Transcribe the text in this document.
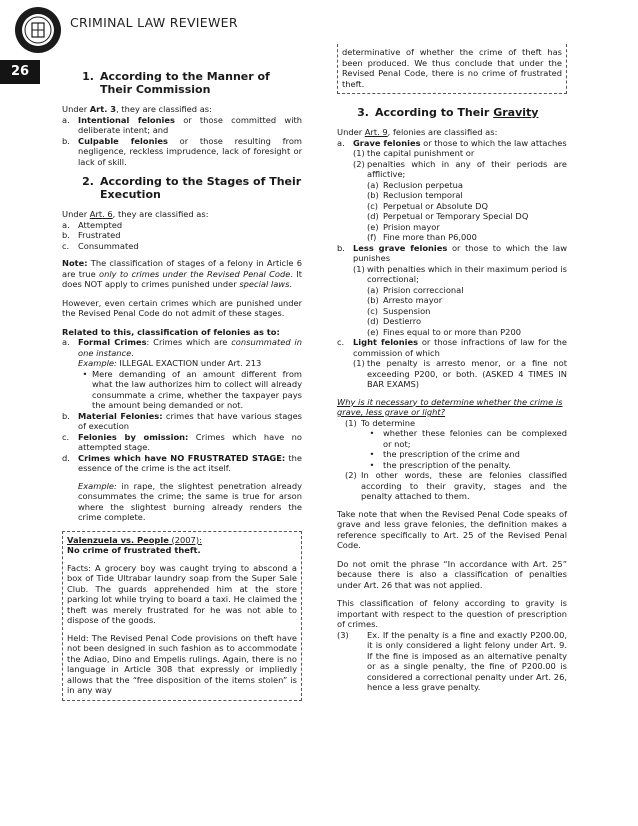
CRIMINAL LAW REVIEWER
26	1. According to the Manner of Their Commission
Under Art. 3, they are classified as:
a. Intentional felonies or those committed with deliberate intent; and
b. Culpable felonies or those resulting from negligence, reckless imprudence, lack of foresight or lack of skill.
2. According to the Stages of Their Execution
Under Art. 6, they are classified as:
a. Attempted
b. Frustrated
c.	Consummated

Note: The classification of stages of a felony in Article 6 are true only to crimes under the Revised Penal Code. It does NOT apply to crimes punished under special laws.

However, even certain crimes which are punished under the Revised Penal Code do not admit of these stages.

Related to this, classification of felonies as to:
a. Formal Crimes: Crimes which are consummated in one instance.
Example: ILLEGAL EXACTION under Art. 213
• Mere demanding of an amount different from what the law authorizes him to collect will already consummate a crime, whether the taxpayer pays the amount being demanded or not.
b. Material Felonies: crimes that have various stages of execution
c.	Felonies by omission: Crimes which have no attempted stage.
d. Crimes which have NO FRUSTRATED STAGE: the essence of the crime is the act itself.

Example: in rape, the slightest penetration already consummates the crime; the same is true for arson where the slightest burning already renders the crime complete.

Valenzuela vs. People (2007):
No crime of frustrated theft.

Facts: A grocery boy was caught trying to abscond a box of Tide Ultrabar laundry soap from the Super Sale Club. The guards apprehended him at the store parking lot while trying to board a taxi. He claimed the theft was merely frustrated for he was not able to dispose of the goods.

Held: The Revised Penal Code provisions on theft have not been designed in such fashion as to accommodate the Adiao, Dino and Empelis rulings. Again, there is no language in Article 308 that expressly or impliedly allows that the “free disposition of the items stolen” is in any way

determinative of whether the crime of theft has been produced. We thus conclude that under the Revised Penal Code, there is no crime of frustrated theft.

3. According to Their Gravity
Under Art. 9, felonies are classified as:
a. Grave felonies or those to which the law attaches
(1) the capital punishment or
(2) penalties which in any of their periods are afflictive;
(a) Reclusion perpetua
(b) Reclusion temporal
(c) Perpetual or Absolute DQ
(d) Perpetual or Temporary Special DQ
(e) Prision mayor
(f) Fine more than P6,000
b. Less grave felonies or those to which the law punishes
(1) with penalties which in their maximum period is correctional;
(a) Prision correccional
(b) Arresto mayor
(c) Suspension
(d) Destierro
(e) Fines equal to or more than P200
c.	Light felonies or those infractions of law for the commission of which
(1) the penalty is arresto menor, or a fine not exceeding P200, or both. (ASKED 4 TIMES IN BAR EXAMS)
Why is it necessary to determine whether the crime is grave, less grave or light?
(1) To determine
•	whether these felonies can be complexed or not;
•	the prescription of the crime and
•	the prescription of the penalty.
(2) In other words, these are felonies classified according to their gravity, stages and the penalty attached to them.

Take note that when the Revised Penal Code speaks of grave and less grave felonies, the definition makes a reference specifically to Art. 25 of the Revised Penal Code.

Do not omit the phrase “In accordance with Art. 25” because there is also a classification of penalties under Art. 26 that was not applied.

This classification of felony according to gravity is important with respect to the question of prescription of crimes.
(3)	Ex. If the penalty is a fine and exactly P200.00, it is only considered a light felony under Art. 9. If the fine is imposed as an alternative penalty or as a single penalty, the fine of P200.00 is considered a correctional penalty under Art. 26, hence a less grave penalty.
